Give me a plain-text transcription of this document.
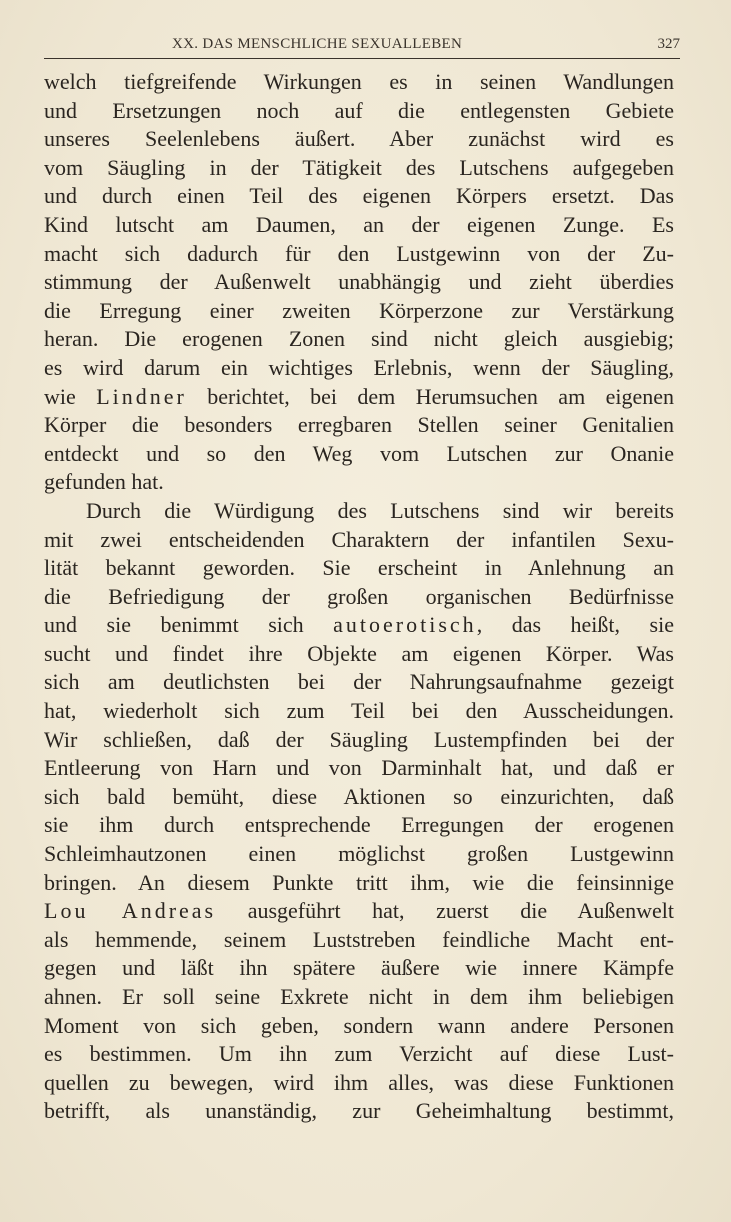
XX. DAS MENSCHLICHE SEXUALLEBEN	327
welch tiefgreifende Wirkungen es in seinen Wandlungen
und Ersetzungen noch auf die entlegensten Gebiete
unseres Seelenlebens äußert. Aber zunächst wird es
vom Säugling in der Tätigkeit des Lutschens aufgegeben
und durch einen Teil des eigenen Körpers ersetzt. Das
Kind lutscht am Daumen, an der eigenen Zunge. Es
macht sich dadurch für den Lustgewinn von der Zu-
stimmung der Außenwelt unabhängig und zieht überdies
die Erregung einer zweiten Körperzone zur Verstärkung
heran. Die erogenen Zonen sind nicht gleich ausgiebig;
es wird darum ein wichtiges Erlebnis, wenn der Säugling,
wie Lindner berichtet, bei dem Herumsuchen am eigenen
Körper die besonders erregbaren Stellen seiner Genitalien
entdeckt und so den Weg vom Lutschen zur Onanie
gefunden hat.
Durch die Würdigung des Lutschens sind wir bereits
mit zwei entscheidenden Charaktern der infantilen Sexu-
lität bekannt geworden. Sie erscheint in Anlehnung an
die Befriedigung der großen organischen Bedürfnisse
und sie benimmt sich autoerotisch, das heißt, sie
sucht und findet ihre Objekte am eigenen Körper. Was
sich am deutlichsten bei der Nahrungsaufnahme gezeigt
hat, wiederholt sich zum Teil bei den Ausscheidungen.
Wir schließen, daß der Säugling Lustempfinden bei der
Entleerung von Harn und von Darminhalt hat, und daß er
sich bald bemüht, diese Aktionen so einzurichten, daß
sie ihm durch entsprechende Erregungen der erogenen
Schleimhautzonen einen möglichst großen Lustgewinn
bringen. An diesem Punkte tritt ihm, wie die feinsinnige
Lou Andreas ausgeführt hat, zuerst die Außenwelt
als hemmende, seinem Luststreben feindliche Macht ent-
gegen und läßt ihn spätere äußere wie innere Kämpfe
ahnen. Er soll seine Exkrete nicht in dem ihm beliebigen
Moment von sich geben, sondern wann andere Personen
es bestimmen. Um ihn zum Verzicht auf diese Lust-
quellen zu bewegen, wird ihm alles, was diese Funktionen
betrifft, als unanständig, zur Geheimhaltung bestimmt,
